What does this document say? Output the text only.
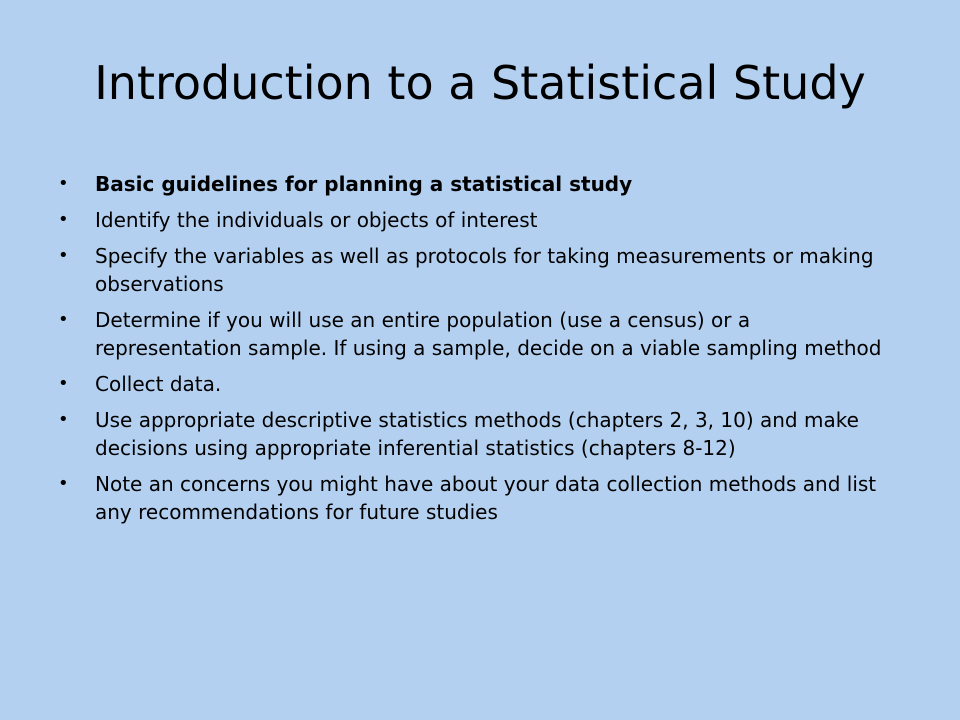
Introduction to a Statistical Study
•	Basic guidelines for planning a statistical study
•	Identify the individuals or objects of interest
•	Specify the variables as well as protocols for taking measurements or making observations
•	Determine if you will use an entire population (use a census) or a representation sample. If using a sample, decide on a viable sampling method
•	Collect data.
•	Use appropriate descriptive statistics methods (chapters 2, 3, 10) and make decisions using appropriate inferential statistics (chapters 8-12)
•	Note an concerns you might have about your data collection methods and list any recommendations for future studies
